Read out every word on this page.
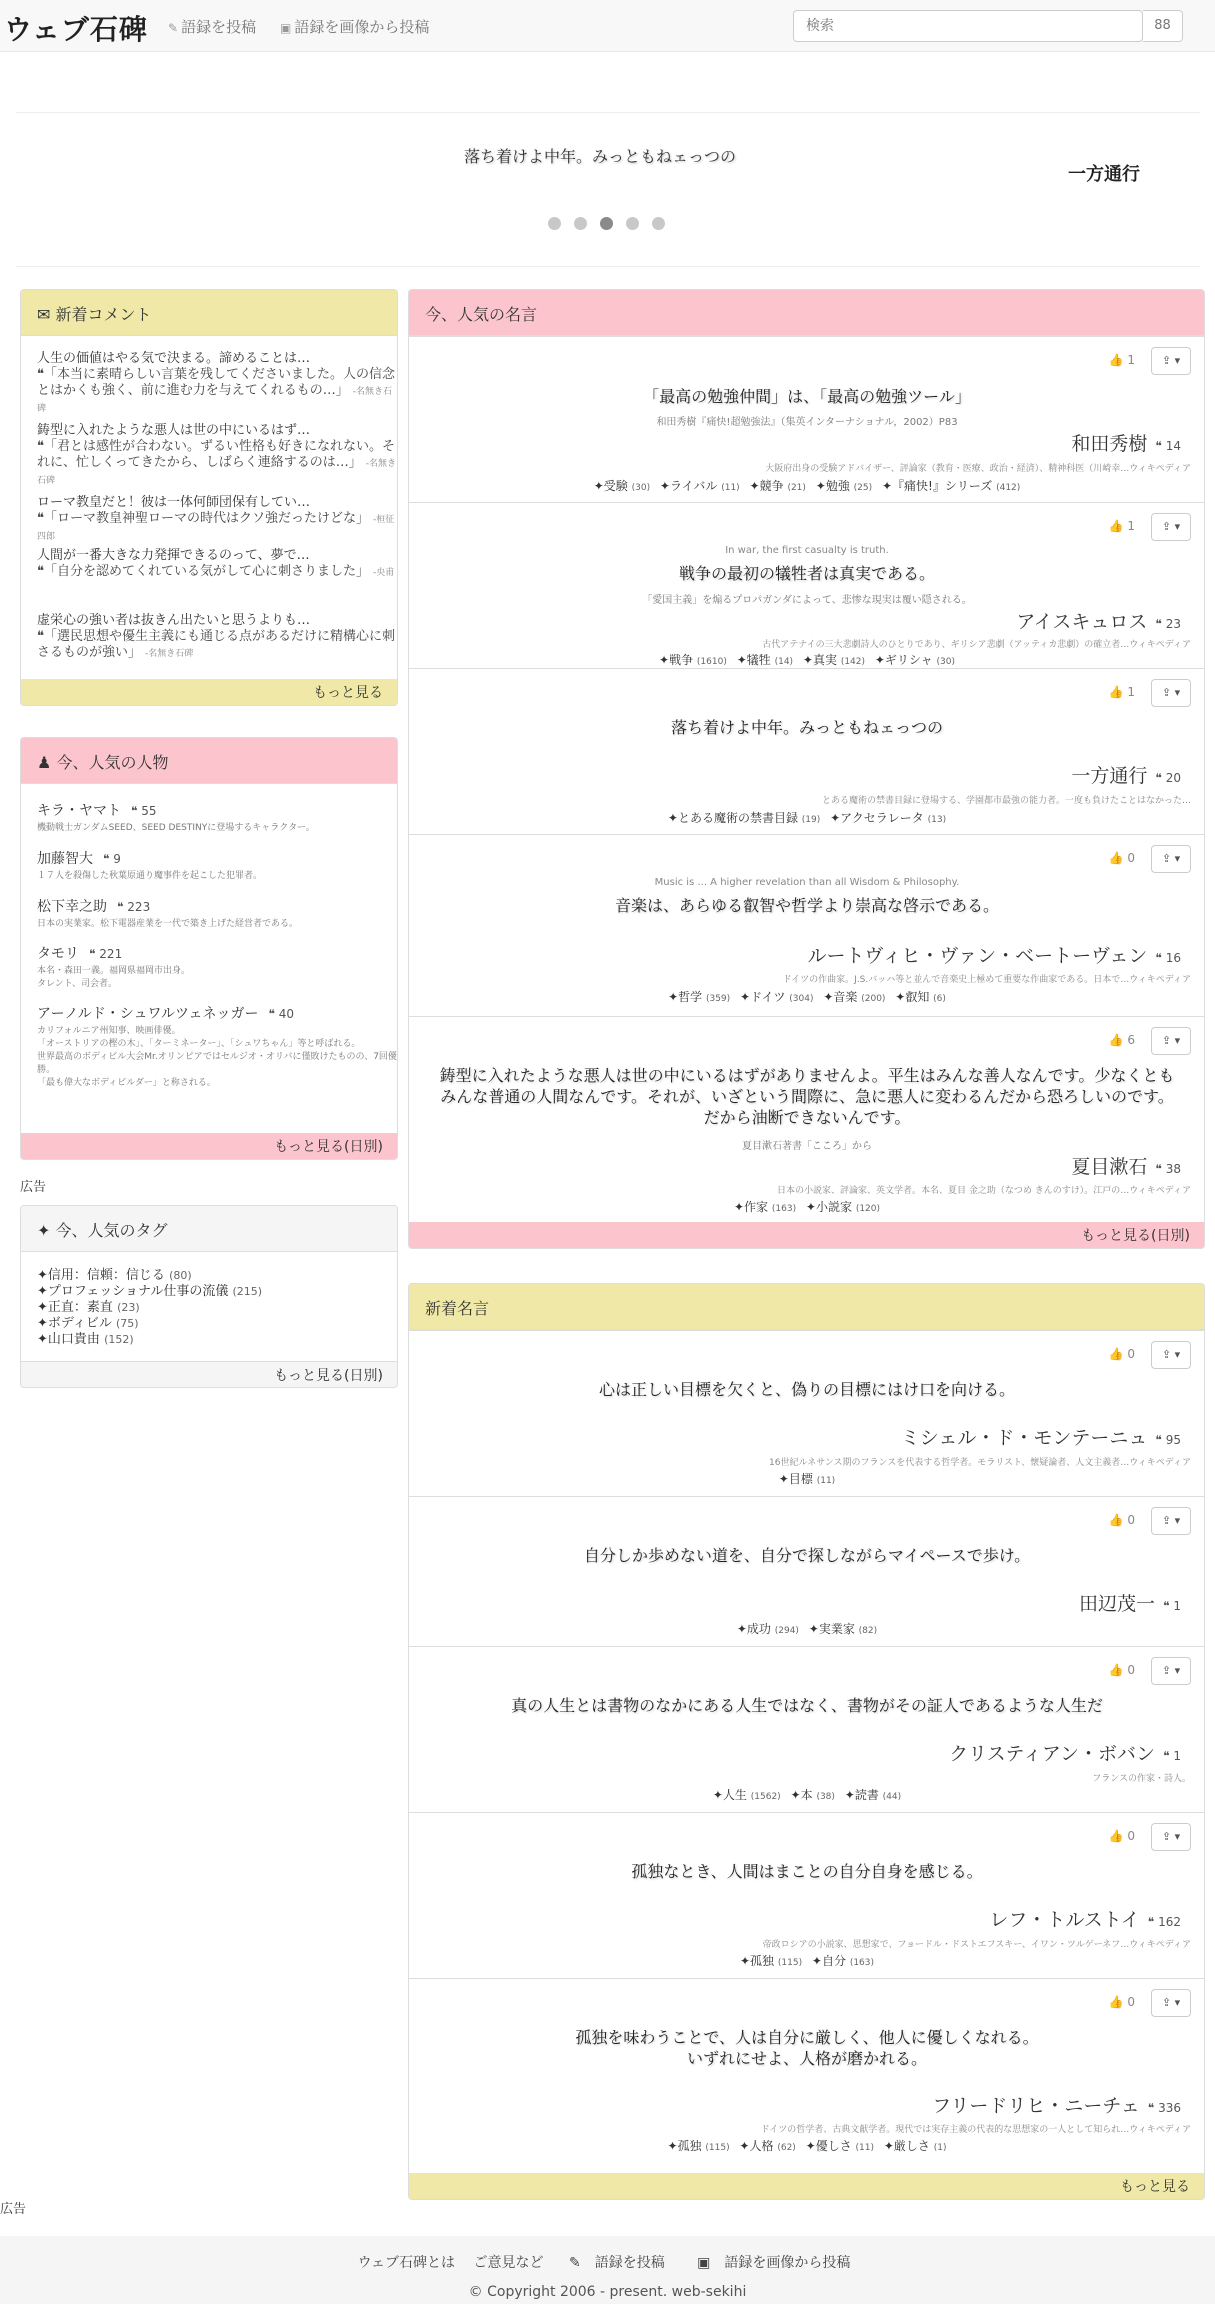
ウェブ石碑 ✎ 語録を投稿 ▣ 語録を画像から投稿
検索	88
落ち着けよ中年。みっともねェっつの
一方通行
✉ 新着コメント
人生の価値はやる気で決まる。諦めることは…
❝「本当に素晴らしい言葉を残してくださいました。人の信念とはかくも強く、前に進む力を与えてくれるもの…」 -名無き石碑
鋳型に入れたような悪人は世の中にいるはず…
❝「君とは感性が合わない。ずるい性格も好きになれない。それに、忙しくってきたから、しばらく連絡するのは…」 -名無き石碑
ローマ教皇だと！彼は一体何師団保有してい…
❝「ローマ教皇神聖ローマの時代はクソ強だったけどな」 -桓征四郎
人間が一番大きな力発揮できるのって、夢で…
❝「自分を認めてくれている気がして心に刺さりました」 -央甫
虚栄心の強い者は抜きん出たいと思うよりも…
❝「選民思想や優生主義にも通じる点があるだけに精構心に刺さるものが強い」 -名無き石碑
もっと見る
♟ 今、人気の人物
キラ・ヤマト ❝ 55
機動戦士ガンダムSEED、SEED DESTINYに登場するキャラクター。
加藤智大 ❝ 9
１７人を殺傷した秋葉原通り魔事件を起こした犯罪者。
松下幸之助 ❝ 223
日本の実業家。松下電器産業を一代で築き上げた経営者である。
タモリ ❝ 221
本名・森田一義。福岡県福岡市出身。
タレント、司会者。
アーノルド・シュワルツェネッガー ❝ 40
カリフォルニア州知事、映画俳優。
「オーストリアの樫の木」、「ターミネーター」、「シュワちゃん」等と呼ばれる。
世界最高のボディビル大会Mr.オリンピアではセルジオ・オリバに僅敗けたものの、7回優勝。
「最も偉大なボディビルダー」と称される。
もっと見る(日別)
広告
✦ 今、人気のタグ
✦信用：信頼：信じる (80)
✦プロフェッショナル仕事の流儀 (215)
✦正直：素直 (23)
✦ボディビル (75)
✦山口貴由 (152)
もっと見る(日別)
今、人気の名言
👍 1	⇪ ▾
「最高の勉強仲間」は、「最高の勉強ツール」
和田秀樹『痛快!超勉強法』（集英インターナショナル，2002）P83
和田秀樹 ❝ 14
大阪府出身の受験アドバイザー、評論家（教育・医療、政治・経済）、精神科医（川崎幸…ウィキペディア
✦受験 (30) ✦ライバル (11) ✦競争 (21) ✦勉強 (25) ✦『痛快!』シリーズ (412)
👍 1	⇪ ▾
In war, the first casualty is truth.
戦争の最初の犠牲者は真実である。
「愛国主義」を煽るプロパガンダによって、悲惨な現実は覆い隠される。
アイスキュロス ❝ 23
古代アテナイの三大悲劇詩人のひとりであり、ギリシア悲劇（アッティカ悲劇）の確立者…ウィキペディア
✦戦争 (1610) ✦犠牲 (14) ✦真実 (142) ✦ギリシャ (30)
👍 1	⇪ ▾
落ち着けよ中年。みっともねェっつの
一方通行 ❝ 20
とある魔術の禁書目録に登場する、学園都市最強の能力者。一度も負けたことはなかった…
✦とある魔術の禁書目録 (19) ✦アクセラレータ (13)
👍 0	⇪ ▾
Music is ... A higher revelation than all Wisdom & Philosophy.
音楽は、あらゆる叡智や哲学より崇高な啓示である。
ルートヴィヒ・ヴァン・ベートーヴェン ❝ 16
ドイツの作曲家。J.S.バッハ等と並んで音楽史上極めて重要な作曲家である。日本で…ウィキペディア
✦哲学 (359) ✦ドイツ (304) ✦音楽 (200) ✦叡知 (6)
👍 6	⇪ ▾
鋳型に入れたような悪人は世の中にいるはずがありませんよ。平生はみんな善人なんです。少なくとも
みんな普通の人間なんです。それが、いざという間際に、急に悪人に変わるんだから恐ろしいのです。
だから油断できないんです。
夏目漱石著書「こころ」から
夏目漱石 ❝ 38
日本の小説家、評論家、英文学者。本名、夏目 金之助（なつめ きんのすけ）。江戸の…ウィキペディア
✦作家 (163) ✦小説家 (120)
もっと見る(日別)
新着名言
👍 0	⇪ ▾
心は正しい目標を欠くと、偽りの目標にはけ口を向ける。
ミシェル・ド・モンテーニュ ❝ 95
16世紀ルネサンス期のフランスを代表する哲学者。モラリスト、懐疑論者、人文主義者…ウィキペディア
✦目標 (11)
👍 0	⇪ ▾
自分しか歩めない道を、自分で探しながらマイペースで歩け。
田辺茂一 ❝ 1
✦成功 (294) ✦実業家 (82)
👍 0	⇪ ▾
真の人生とは書物のなかにある人生ではなく、書物がその証人であるような人生だ
クリスティアン・ボバン ❝ 1
フランスの作家・詩人。
✦人生 (1562) ✦本 (38) ✦読書 (44)
👍 0	⇪ ▾
孤独なとき、人間はまことの自分自身を感じる。
レフ・トルストイ ❝ 162
帝政ロシアの小説家、思想家で、フョードル・ドストエフスキー、イワン・ツルゲーネフ…ウィキペディア
✦孤独 (115) ✦自分 (163)
👍 0	⇪ ▾
孤独を味わうことで、人は自分に厳しく、他人に優しくなれる。
いずれにせよ、人格が磨かれる。
フリードリヒ・ニーチェ ❝ 336
ドイツの哲学者、古典文献学者。現代では実存主義の代表的な思想家の一人として知られ…ウィキペディア
✦孤独 (115) ✦人格 (62) ✦優しさ (11) ✦厳しさ (1)
もっと見る
広告
ウェブ石碑とは ご意見など ✎ 語録を投稿 ▣ 語録を画像から投稿
© Copyright 2006 - present. web-sekihi
